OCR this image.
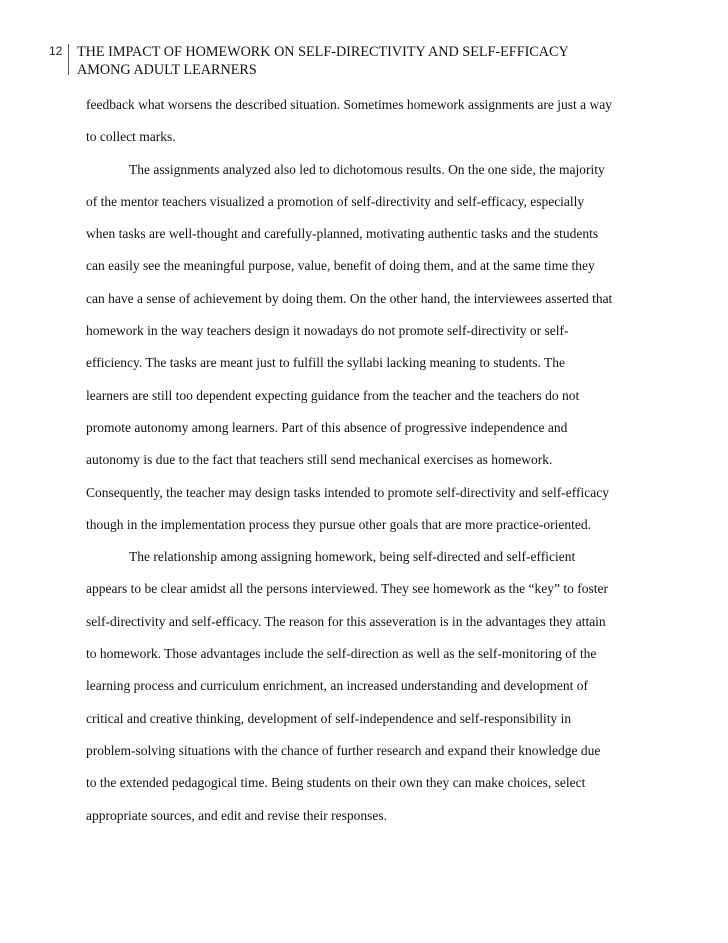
12 THE IMPACT OF HOMEWORK ON SELF-DIRECTIVITY AND SELF-EFFICACY
AMONG ADULT LEARNERS
feedback what worsens the described situation. Sometimes homework assignments are just a way
to collect marks.
The assignments analyzed also led to dichotomous results. On the one side, the majority
of the mentor teachers visualized a promotion of self-directivity and self-efficacy, especially
when tasks are well-thought and carefully-planned, motivating authentic tasks and the students
can easily see the meaningful purpose, value, benefit of doing them, and at the same time they
can have a sense of achievement by doing them. On the other hand, the interviewees asserted that
homework in the way teachers design it nowadays do not promote self-directivity or self-
efficiency. The tasks are meant just to fulfill the syllabi lacking meaning to students. The
learners are still too dependent expecting guidance from the teacher and the teachers do not
promote autonomy among learners. Part of this absence of progressive independence and
autonomy is due to the fact that teachers still send mechanical exercises as homework.
Consequently, the teacher may design tasks intended to promote self-directivity and self-efficacy
though in the implementation process they pursue other goals that are more practice-oriented.
The relationship among assigning homework, being self-directed and self-efficient
appears to be clear amidst all the persons interviewed. They see homework as the “key” to foster
self-directivity and self-efficacy. The reason for this asseveration is in the advantages they attain
to homework. Those advantages include the self-direction as well as the self-monitoring of the
learning process and curriculum enrichment, an increased understanding and development of
critical and creative thinking, development of self-independence and self-responsibility in
problem-solving situations with the chance of further research and expand their knowledge due
to the extended pedagogical time. Being students on their own they can make choices, select
appropriate sources, and edit and revise their responses.
